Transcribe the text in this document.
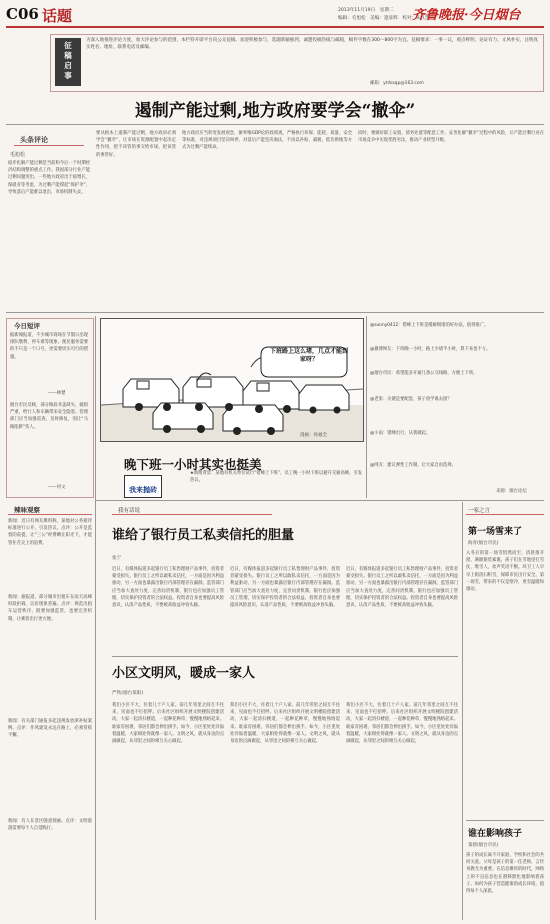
C06 话题	2013年11月19日　星期二
编辑：毛旭松　美编：逄彦辉　校对：宋凡凯
齐鲁晚报·今日烟台
征稿启事
为深入地推进评论力度，加大评论参与的范围，本栏特开辟平台向公众征稿。欢迎积极参与，选题新颖独到，诚邀投稿热线与邮箱，稿件字数在300～800字为宜。征稿要求：一事一议，观点鲜明，论证有力，文风朴实，注明真实姓名、地址、联系电话及邮编。
邮箱：ytrbxqp@163.com
遏制产能过剩,地方政府要学会“撤伞”
头条评论
毛旭松
稳步化解产能过剩是当前和今后一个时期经济结构调整的重点工作。我国部分行业产能过剩问题突出，一些地方政府出于稳增长、保就业等考虑，为过剩产能撑起“保护伞”，导致落后产能难以退出，市场机制失灵。
要从根本上遏制产能过剩，地方政府必须学会“撤伞”，让市场在资源配置中起决定性作用，把不该管的事交给市场，把该管的事管好。
地方政府应当转变发展观念，摒弃唯GDP论的政绩观，严格执行环保、能耗、质量、安全等标准，对违规项目坚决叫停，对落后产能坚决淘汰，不再以补贴、减税、低价供地等方式为过剩产能续命。
同时，要做好职工安置、债务处置等配套工作，妥善化解“撤伞”过程中的风险，让产能过剩行业在市场竞争中实现优胜劣汰，推动产业转型升级。
今日短评
据新闻报道，不少城市商场在节假日出现排队缴费、停车难等现象。便民服务需要的不只是一个口号，更需要切实可行的措施。
——林楚
烟台市民反映，部分路段井盖缺失、破损严重，给行人和车辆带来安全隐患。管理部门应当加强巡查，及时修复，别让“马路陷阱”伤人。
——何文
辣味观察
新闻：近日有网友爆料称，某地对公务接待标准进行公开，引发热议。点评：公开是监督的前提，让“三公”经费晒在阳光下，才能管住舌尖上的浪费。
新闻：据报道，部分城市出租车在雨天高峰时段拒载、议价现象普遍。点评：规范出租车运营秩序，既要加强监管，也要完善机制，让乘客出行更方便。
新闻：有关部门通报多起违规发放津补贴案例。点评：作风建设永远在路上，必须常抓不懈。
新闻：有人在景区随意刻画。点评：文明旅游需要每个人自觉践行。
下班路上这么堵，几点才能到家呀？
漫画：孙福全
晚下班一小时其实也挺美
我来抛砖
★新闻背景：某地有机关单位试行“错峰上下班”，员工晚一小时下班以避开交通高峰，引发热议。
@sunny0412：错峰上下班是缓解拥堵的好办法，值得推广。
@微博网友：下班晚一小时，路上少堵半小时，算下来也不亏。
@烟台市民：希望能多开通几条公交线路，方便上下班。
@老张：关键是要配套，孩子放学谁去接？
@小雨：错峰出行，从我做起。
@网友：建议弹性工作制，让大家自由选择。
来源：烟台论坛
我有话说
谁给了银行员工私卖信托的胆量
张宁
近日，有媒体报道多起银行员工私售理财产品事件，投资者蒙受损失。银行员工之所以敢私卖信托，一方面是因为利益驱动，另一方面也暴露出银行内部管理存在漏洞。监管部门应当加大查处力度，完善问责机制，银行也应加强员工管理，切实保护投资者的合法权益。投资者自身也要提高风险意识，认清产品性质，不要被高收益冲昏头脑。
近日，有媒体报道多起银行员工私售理财产品事件，投资者蒙受损失。银行员工之所以敢私卖信托，一方面是因为利益驱动，另一方面也暴露出银行内部管理存在漏洞。监管部门应当加大查处力度，完善问责机制，银行也应加强员工管理，切实保护投资者的合法权益。投资者自身也要提高风险意识，认清产品性质，不要被高收益冲昏头脑。
近日，有媒体报道多起银行员工私售理财产品事件，投资者蒙受损失。银行员工之所以敢私卖信托，一方面是因为利益驱动，另一方面也暴露出银行内部管理存在漏洞。监管部门应当加大查处力度，完善问责机制，银行也应加强员工管理，切实保护投资者的合法权益。投资者自身也要提高风险意识，认清产品性质，不要被高收益冲昏头脑。
小区文明风，暖成一家人
严铁(烟台莱阳)
我们小区不大，住着几十户人家。前几年邻里之间互不往来，见面也不打招呼。后来社区组织开展文明楼院创建活动，大家一起清扫楼道，一起种花种草，慢慢地熟络起来。谁家有困难，邻居们都会伸出援手。如今，小区里处处洋溢着温暖，大家相处得就像一家人。文明之风，就从身边的点滴做起，从邻里之间的相互关心做起。
我们小区不大，住着几十户人家。前几年邻里之间互不往来，见面也不打招呼。后来社区组织开展文明楼院创建活动，大家一起清扫楼道，一起种花种草，慢慢地熟络起来。谁家有困难，邻居们都会伸出援手。如今，小区里处处洋溢着温暖，大家相处得就像一家人。文明之风，就从身边的点滴做起，从邻里之间的相互关心做起。
我们小区不大，住着几十户人家。前几年邻里之间互不往来，见面也不打招呼。后来社区组织开展文明楼院创建活动，大家一起清扫楼道，一起种花种草，慢慢地熟络起来。谁家有困难，邻居们都会伸出援手。如今，小区里处处洋溢着温暖，大家相处得就像一家人。文明之风，就从身边的点滴做起，从邻里之间的相互关心做起。
一家之言
第一场雪来了
海青(烟台市民)
入冬后的第一场雪悄然而至，清晨推开窗，满眼银装素裹。孩子们在雪地里打雪仗、堆雪人，欢声笑语不断。环卫工人早早上街清扫积雪，保障市民出行安全。第一场雪，带来的不仅是寒冷，更有温暖和感动。
谁在影响孩子
秦晨(烟台市民)
孩子的成长离不开家庭、学校和社会的共同关爱。父母是孩子的第一任老师，言传身教尤为重要。在信息爆炸的时代，网络上的不良信息也在潜移默化地影响着孩子。如何为孩子营造健康的成长环境，值得每个人深思。
